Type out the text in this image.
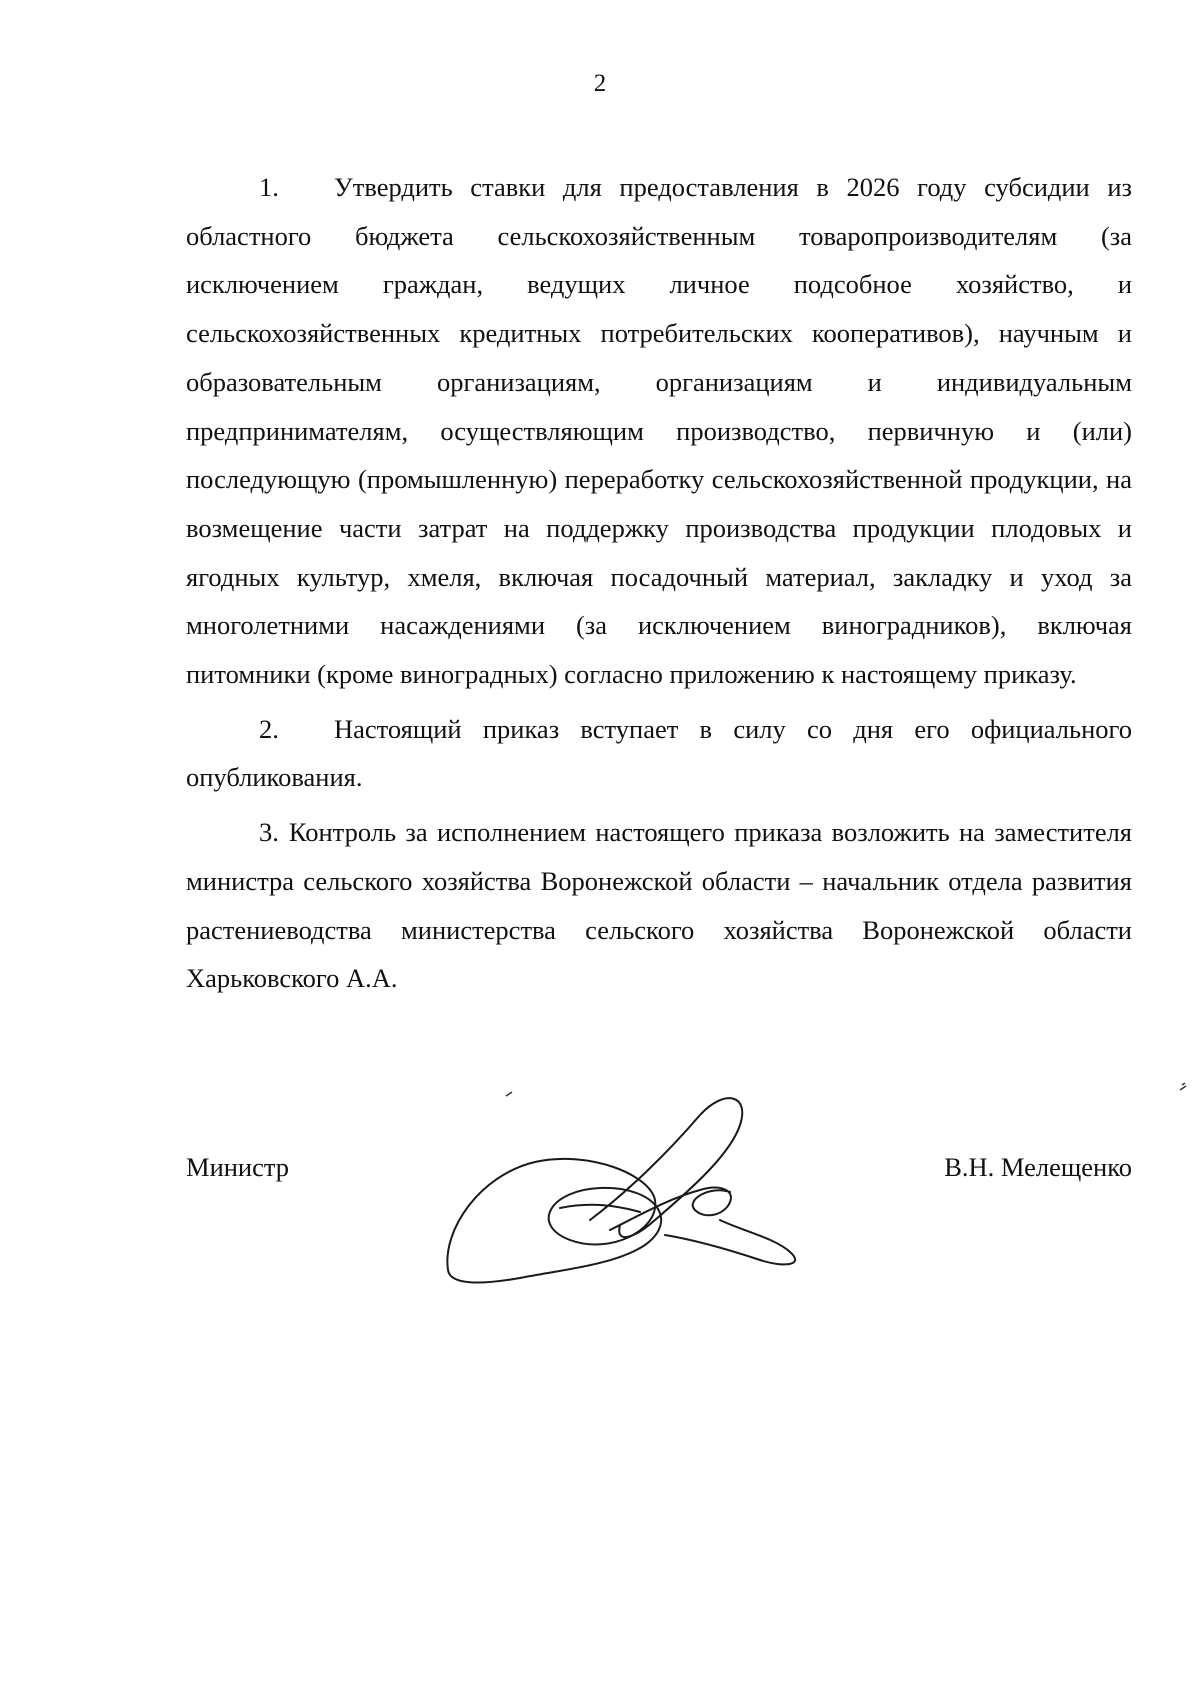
2

1. Утвердить ставки для предоставления в 2026 году субсидии из областного бюджета сельскохозяйственным товаропроизводителям (за исключением граждан, ведущих личное подсобное хозяйство, и сельскохозяйственных кредитных потребительских кооперативов), научным и образовательным организациям, организациям и индивидуальным предпринимателям, осуществляющим производство, первичную и (или) последующую (промышленную) переработку сельскохозяйственной продукции, на возмещение части затрат на поддержку производства продукции плодовых и ягодных культур, хмеля, включая посадочный материал, закладку и уход за многолетними насаждениями (за исключением виноградников), включая питомники (кроме виноградных) согласно приложению к настоящему приказу.

2. Настоящий приказ вступает в силу со дня его официального опубликования.

3. Контроль за исполнением настоящего приказа возложить на заместителя министра сельского хозяйства Воронежской области – начальник отдела развития растениеводства министерства сельского хозяйства Воронежской области Харьковского А.А.

Министр	В.Н. Мелещенко
